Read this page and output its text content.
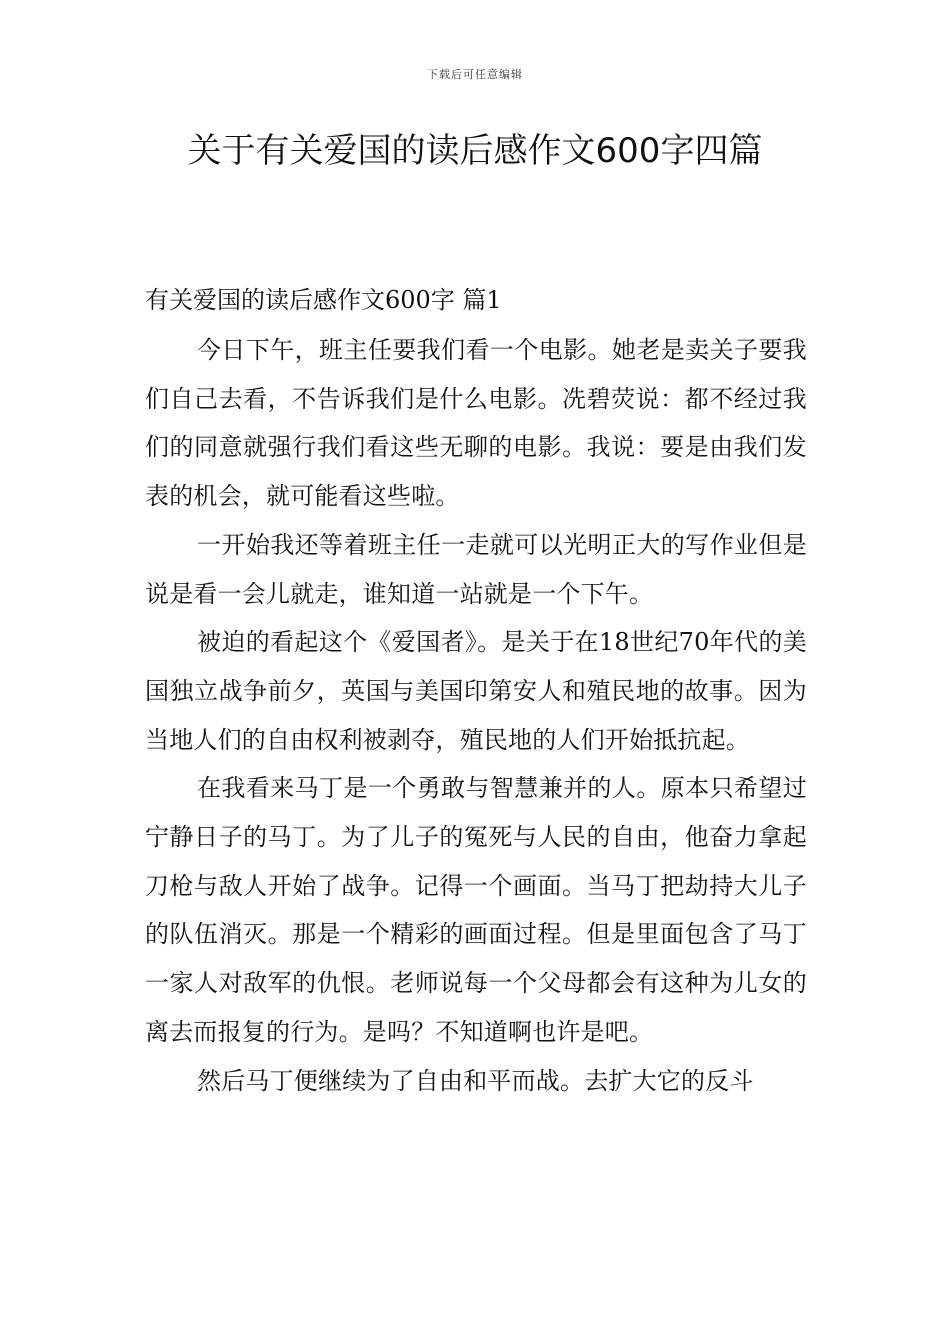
下载后可任意编辑
关于有关爱国的读后感作文600字四篇
有关爱国的读后感作文600字 篇1

今日下午，班主任要我们看一个电影。她老是卖关子要我们自己去看，不告诉我们是什么电影。冼碧荧说：都不经过我们的同意就强行我们看这些无聊的电影。我说：要是由我们发表的机会，就可能看这些啦。

一开始我还等着班主任一走就可以光明正大的写作业但是说是看一会儿就走，谁知道一站就是一个下午。

被迫的看起这个《爱国者》。是关于在18世纪70年代的美国独立战争前夕，英国与美国印第安人和殖民地的故事。因为当地人们的自由权利被剥夺，殖民地的人们开始抵抗起。

在我看来马丁是一个勇敢与智慧兼并的人。原本只希望过宁静日子的马丁。为了儿子的冤死与人民的自由，他奋力拿起刀枪与敌人开始了战争。记得一个画面。当马丁把劫持大儿子的队伍消灭。那是一个精彩的画面过程。但是里面包含了马丁一家人对敌军的仇恨。老师说每一个父母都会有这种为儿女的离去而报复的行为。是吗？不知道啊也许是吧。

然后马丁便继续为了自由和平而战。去扩大它的反斗
